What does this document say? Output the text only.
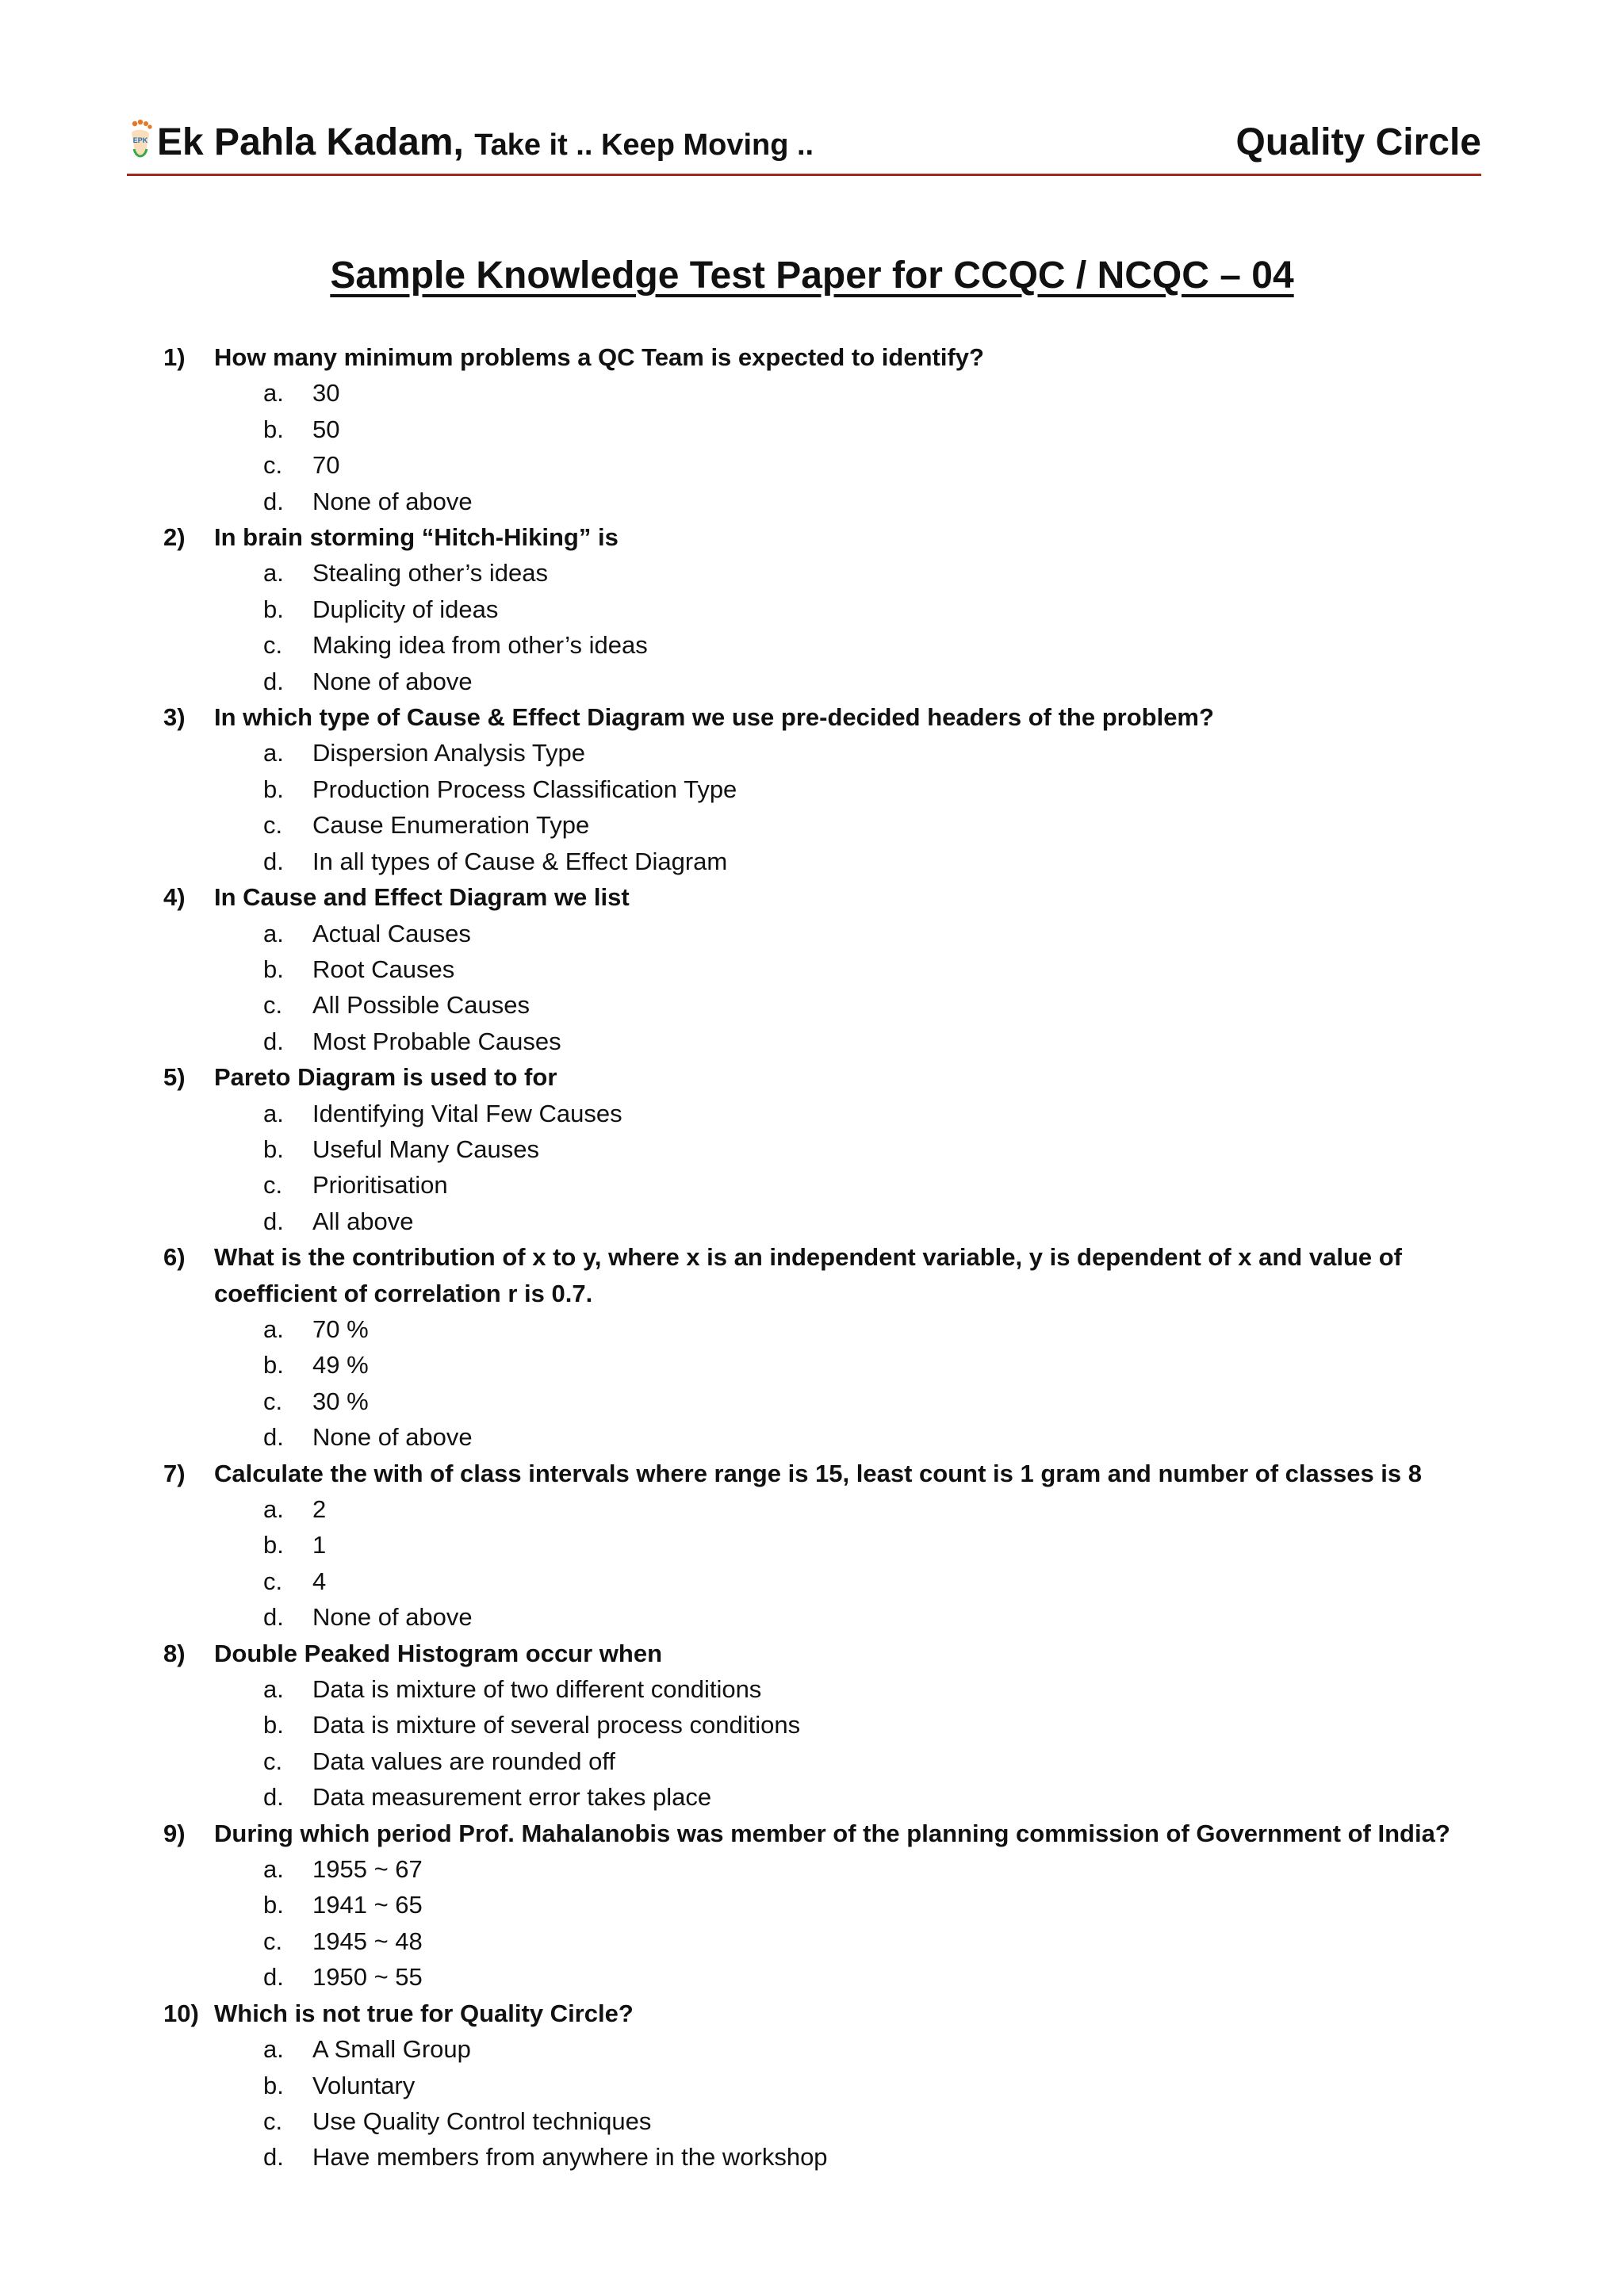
EPK Ek Pahla Kadam, Take it .. Keep Moving ..	Quality Circle
Sample Knowledge Test Paper for CCQC / NCQC – 04
1) How many minimum problems a QC Team is expected to identify?
a. 30
b. 50
c. 70
d. None of above
2) In brain storming “Hitch-Hiking” is
a. Stealing other’s ideas
b. Duplicity of ideas
c. Making idea from other’s ideas
d. None of above
3) In which type of Cause & Effect Diagram we use pre-decided headers of the problem?
a. Dispersion Analysis Type
b. Production Process Classification Type
c. Cause Enumeration Type
d. In all types of Cause & Effect Diagram
4) In Cause and Effect Diagram we list
a. Actual Causes
b. Root Causes
c. All Possible Causes
d. Most Probable Causes
5) Pareto Diagram is used to for
a. Identifying Vital Few Causes
b. Useful Many Causes
c. Prioritisation
d. All above
6) What is the contribution of x to y, where x is an independent variable, y is dependent of x and value of coefficient of correlation r is 0.7.
a. 70 %
b. 49 %
c. 30 %
d. None of above
7) Calculate the with of class intervals where range is 15, least count is 1 gram and number of classes is 8
a. 2
b. 1
c. 4
d. None of above
8) Double Peaked Histogram occur when
a. Data is mixture of two different conditions
b. Data is mixture of several process conditions
c. Data values are rounded off
d. Data measurement error takes place
9) During which period Prof. Mahalanobis was member of the planning commission of Government of India?
a. 1955 ~ 67
b. 1941 ~ 65
c. 1945 ~ 48
d. 1950 ~ 55
10) Which is not true for Quality Circle?
a. A Small Group
b. Voluntary
c. Use Quality Control techniques
d. Have members from anywhere in the workshop
